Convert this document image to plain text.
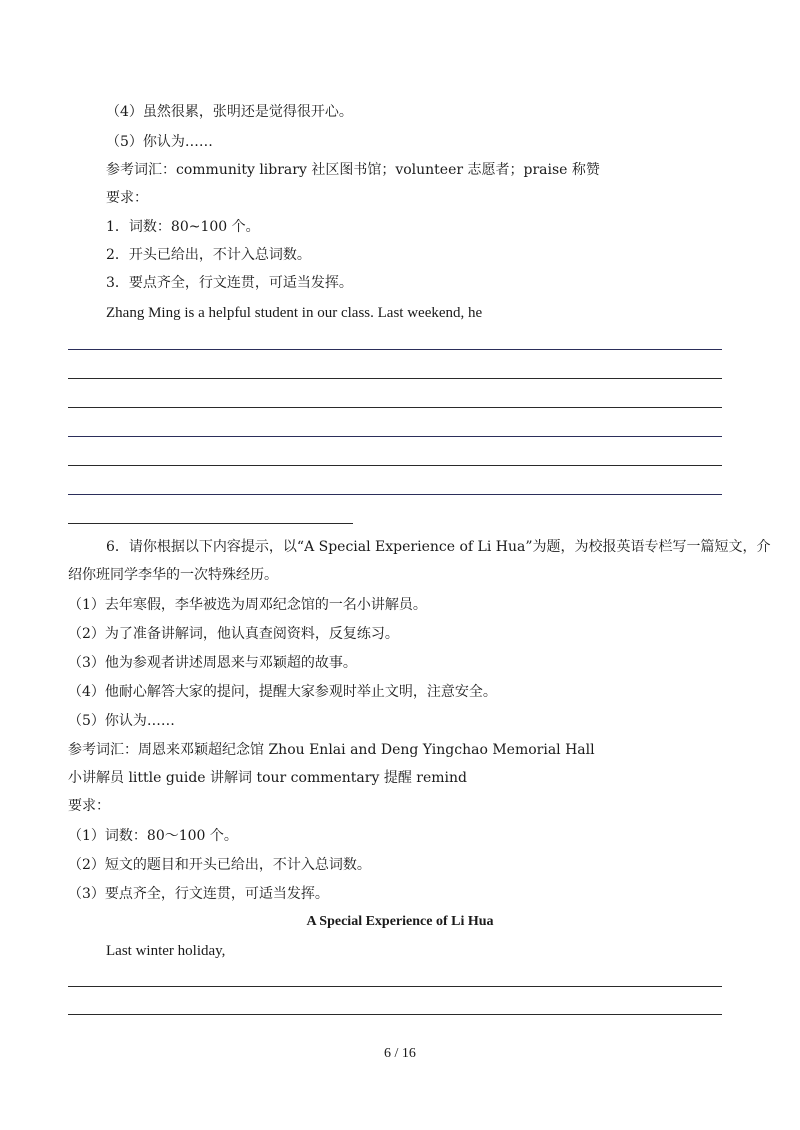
（4）虽然很累，张明还是觉得很开心。
（5）你认为……
参考词汇：community library 社区图书馆；volunteer 志愿者；praise 称赞
要求：
1．词数：80~100 个。
2．开头已给出，不计入总词数。
3．要点齐全，行文连贯，可适当发挥。
Zhang Ming is a helpful student in our class. Last weekend, he
6．请你根据以下内容提示，以“A Special Experience of Li Hua”为题，为校报英语专栏写一篇短文，介
绍你班同学李华的一次特殊经历。
（1）去年寒假，李华被选为周邓纪念馆的一名小讲解员。
（2）为了准备讲解词，他认真查阅资料，反复练习。
（3）他为参观者讲述周恩来与邓颖超的故事。
（4）他耐心解答大家的提问，提醒大家参观时举止文明，注意安全。
（5）你认为……
参考词汇：周恩来邓颖超纪念馆 Zhou Enlai and Deng Yingchao Memorial Hall
小讲解员 little guide 讲解词 tour commentary 提醒 remind
要求：
（1）词数：80～100 个。
（2）短文的题目和开头已给出，不计入总词数。
（3）要点齐全，行文连贯，可适当发挥。
A Special Experience of Li Hua
Last winter holiday,
6 / 16
